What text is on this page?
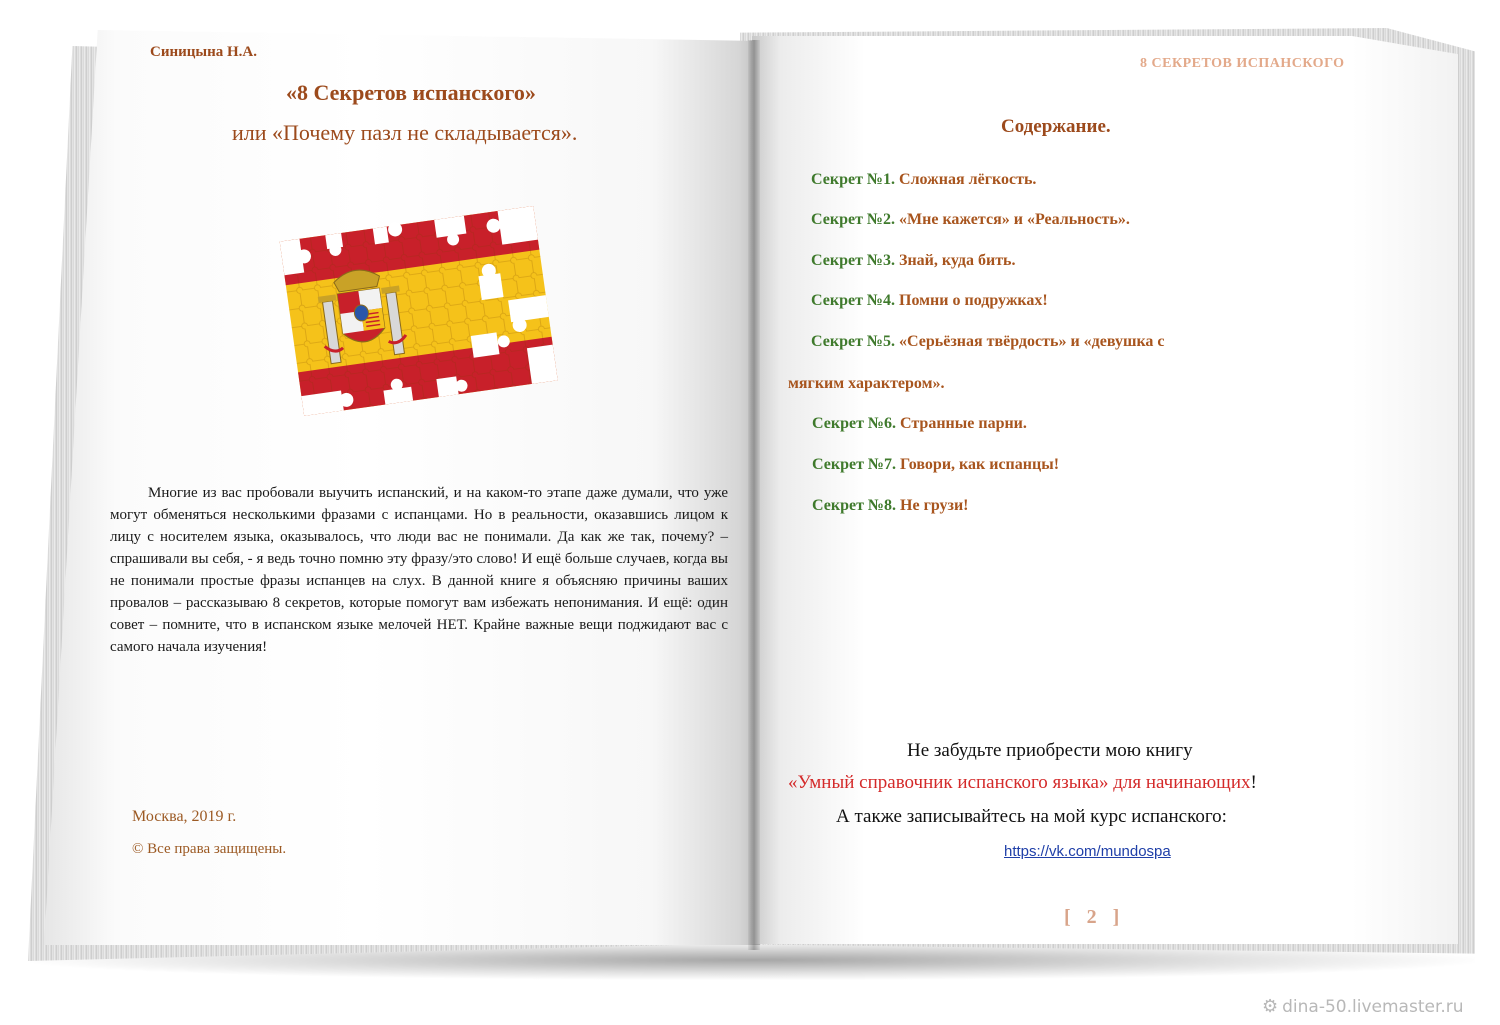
Синицына Н.А.
«8 Секретов испанского»
или «Почему пазл не складывается».

Многие из вас пробовали выучить испанский, и на каком-то этапе даже думали, что уже могут обменяться несколькими фразами с испанцами. Но в реальности, оказавшись лицом к лицу с носителем языка, оказывалось, что люди вас не понимали. Да как же так, почему? – спрашивали вы себя, - я ведь точно помню эту фразу/это слово! И ещё больше случаев, когда вы не понимали простые фразы испанцев на слух. В данной книге я объясняю причины ваших провалов – рассказываю 8 секретов, которые помогут вам избежать непонимания. И ещё: один совет – помните, что в испанском языке мелочей НЕТ. Крайне важные вещи поджидают вас с самого начала изучения!

Москва, 2019 г.
© Все права защищены.
8 СЕКРЕТОВ ИСПАНСКОГО
Содержание.
Секрет №1. Сложная лёгкость.
Секрет №2. «Мне кажется» и «Реальность».
Секрет №3. Знай, куда бить.
Секрет №4. Помни о подружках!
Секрет №5. «Серьёзная твёрдость» и «девушка с
мягким характером».
Секрет №6. Странные парни.
Секрет №7. Говори, как испанцы!
Секрет №8. Не грузи!
Не забудьте приобрести мою книгу
«Умный справочник испанского языка» для начинающих!
А также записывайтесь на мой курс испанского:
https://vk.com/mundospa
[ 2 ]
⚙ dina-50.livemaster.ru
